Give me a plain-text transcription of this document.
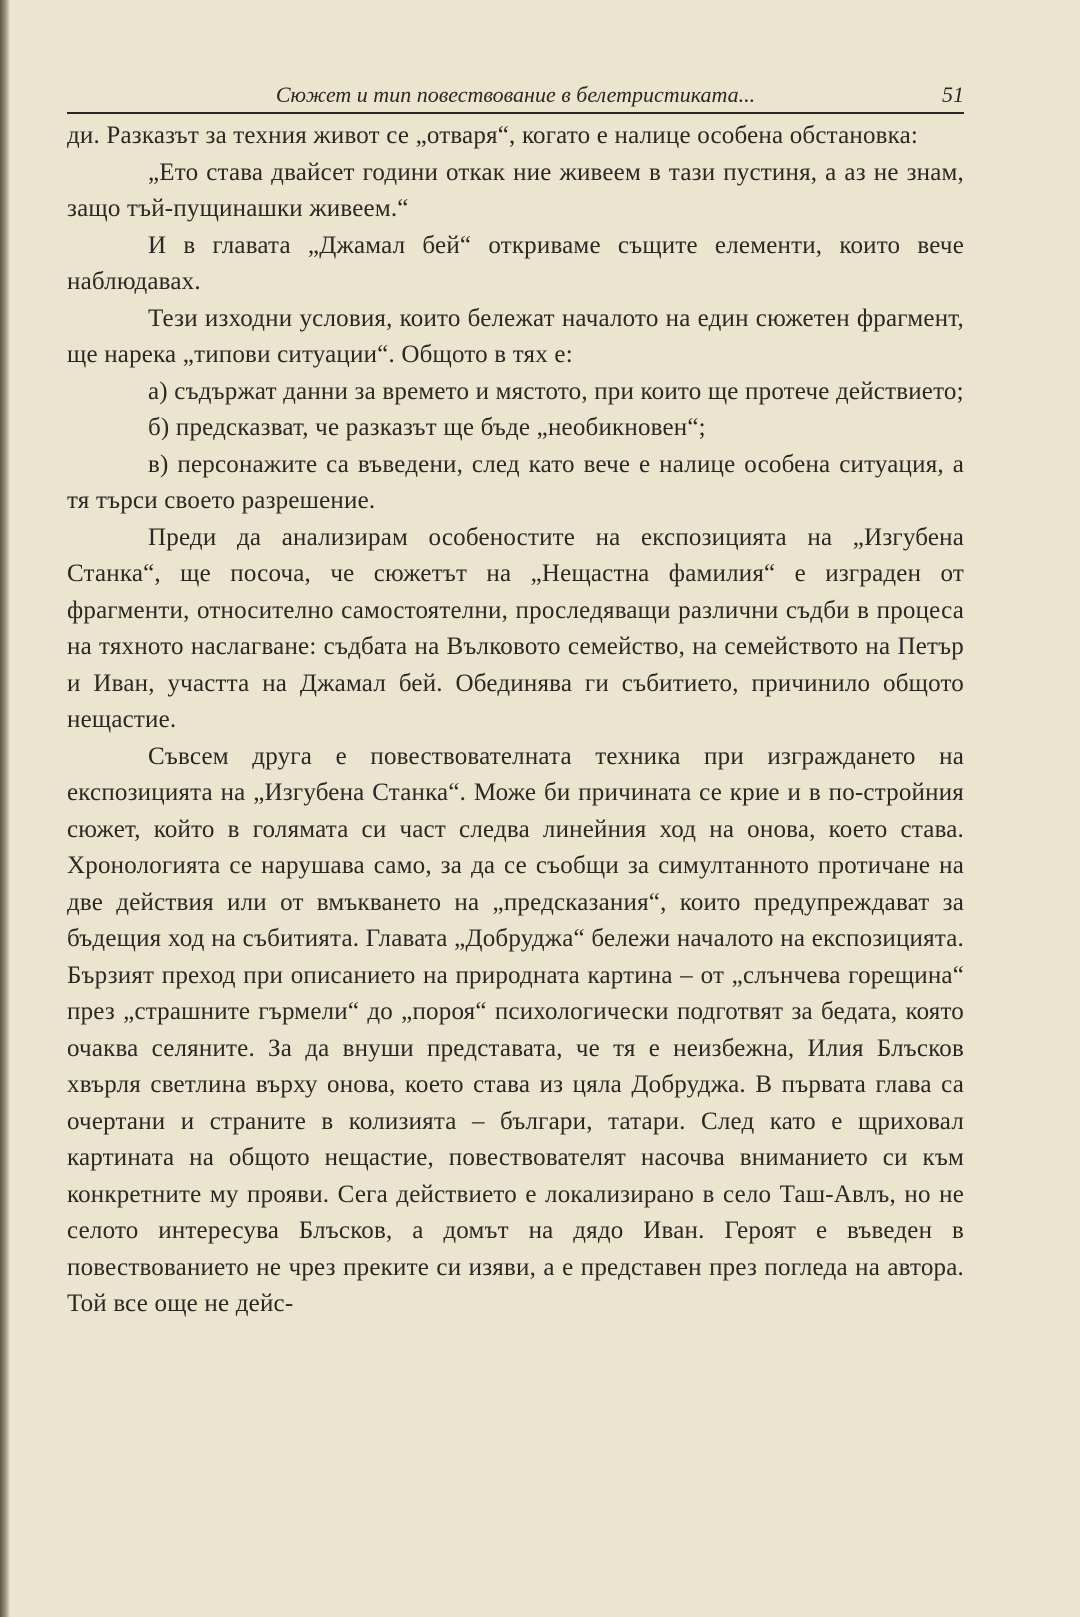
Сюжет и тип повествование в белетристиката...	51

ди. Разказът за техния живот се „отваря“, когато е налице особена обстановка:

„Ето става двайсет години откак ние живеем в тази пустиня, а аз не знам, защо тъй-пущинашки живеем.“

И в главата „Джамал бей“ откриваме същите елементи, които вече наблюдавах.

Тези изходни условия, които бележат началото на един сюжетен фрагмент, ще нарека „типови ситуации“. Общото в тях е:

а) съдържат данни за времето и мястото, при които ще протече действието;

б) предсказват, че разказът ще бъде „необикновен“;

в) персонажите са въведени, след като вече е налице особена ситуация, а тя търси своето разрешение.

Преди да анализирам особеностите на експозицията на „Изгубена Станка“, ще посоча, че сюжетът на „Нещастна фамилия“ е изграден от фрагменти, относително самостоятелни, проследяващи различни съдби в процеса на тяхното наслагване: съдбата на Вълковото семейство, на семейството на Петър и Иван, участта на Джамал бей. Обединява ги събитието, причинило общото нещастие.

Съвсем друга е повествователната техника при изграждането на експозицията на „Изгубена Станка“. Може би причината се крие и в по-стройния сюжет, който в голямата си част следва линейния ход на онова, което става. Хронологията се нарушава само, за да се съобщи за симултанното протичане на две действия или от вмъкването на „предсказания“, които предупреждават за бъдещия ход на събитията. Главата „Добруджа“ бележи началото на експозицията. Бързият преход при описанието на природната картина – от „слънчева горещина“ през „страшните гърмели“ до „пороя“ психологически подготвят за бедата, която очаква селяните. За да внуши представата, че тя е неизбежна, Илия Блъсков хвърля светлина върху онова, което става из цяла Добруджа. В първата глава са очертани и страните в колизията – българи, татари. След като е щриховал картината на общото нещастие, повествователят насочва вниманието си към конкретните му прояви. Сега действието е локализирано в село Таш-Авлъ, но не селото интересува Блъсков, а домът на дядо Иван. Героят е въведен в повествованието не чрез преките си изяви, а е представен през погледа на автора. Той все още не дейс-
